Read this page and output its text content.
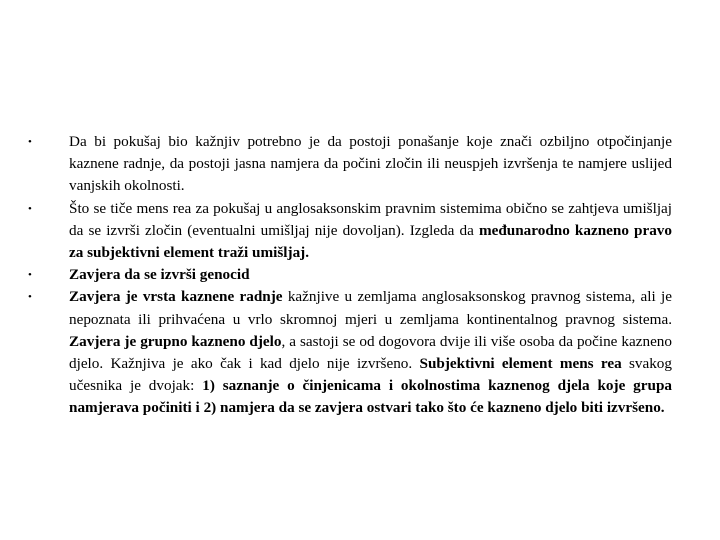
• Da bi pokušaj bio kažnjiv potrebno je da postoji ponašanje koje znači ozbiljno otpočinjanje kaznene radnje, da postoji jasna namjera da počini zločin ili neuspjeh izvršenja te namjere uslijed vanjskih okolnosti.
• Što se tiče mens rea za pokušaj u anglosaksonskim pravnim sistemima obično se zahtjeva umišljaj da se izvrši zločin (eventualni umišljaj nije dovoljan). Izgleda da međunarodno kazneno pravo za subjektivni element traži umišljaj.
• Zavjera da se izvrši genocid
• Zavjera je vrsta kaznene radnje kažnjive u zemljama anglosaksonskog pravnog sistema, ali je nepoznata ili prihvaćena u vrlo skromnoj mjeri u zemljama kontinentalnog pravnog sistema. Zavjera je grupno kazneno djelo, a sastoji se od dogovora dvije ili više osoba da počine kazneno djelo. Kažnjiva je ako čak i kad djelo nije izvršeno. Subjektivni element mens rea svakog učesnika je dvojak: 1) saznanje o činjenicama i okolnostima kaznenog djela koje grupa namjerava počiniti i 2) namjera da se zavjera ostvari tako što će kazneno djelo biti izvršeno.
